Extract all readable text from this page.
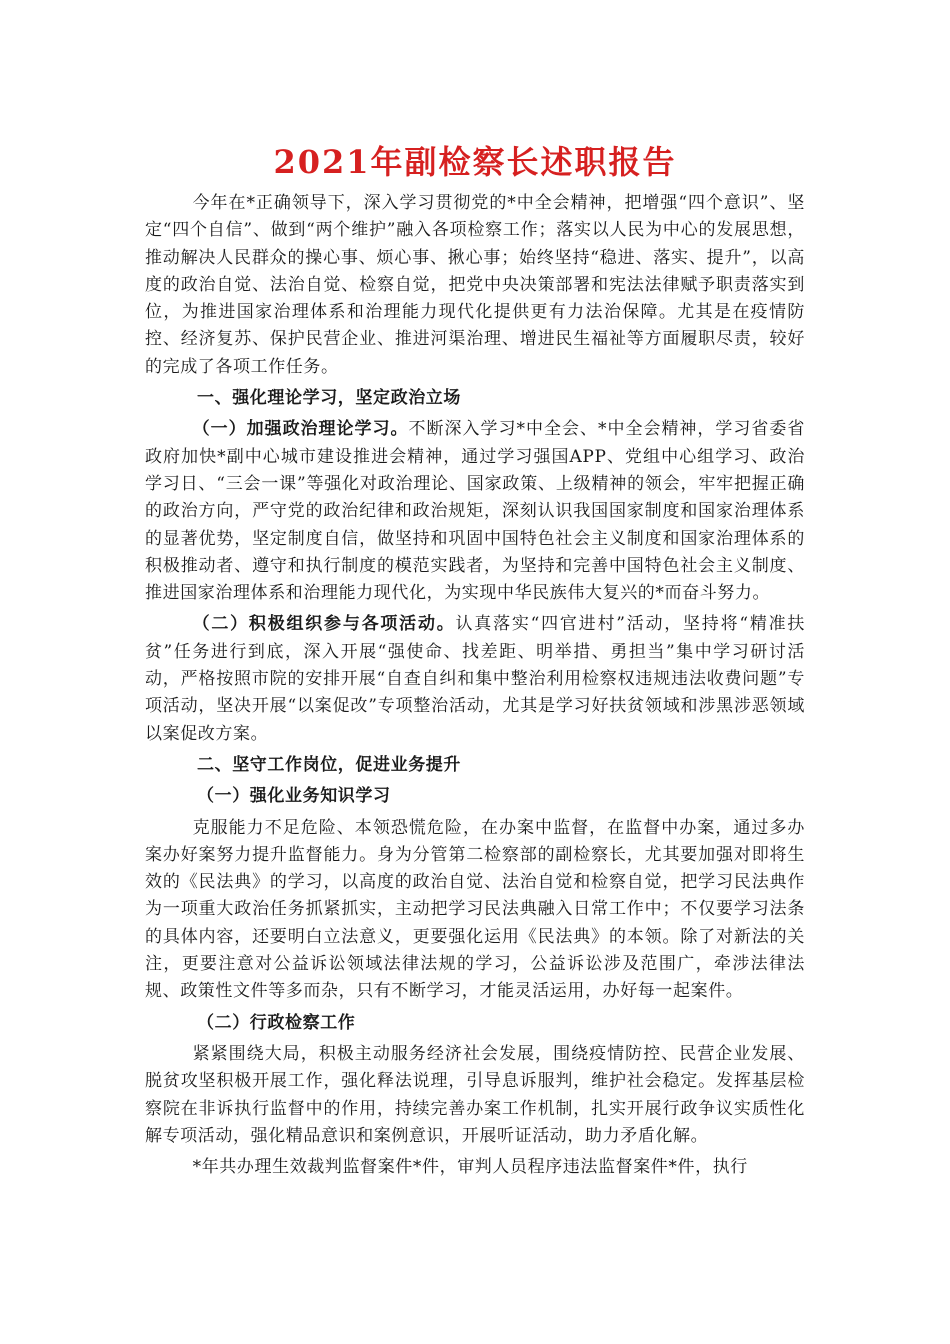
2021年副检察长述职报告

今年在*正确领导下，深入学习贯彻党的*中全会精神，把增强“四个意识”、坚定“四个自信”、做到“两个维护”融入各项检察工作；落实以人民为中心的发展思想，推动解决人民群众的操心事、烦心事、揪心事；始终坚持“稳进、落实、提升”，以高度的政治自觉、法治自觉、检察自觉，把党中央决策部署和宪法法律赋予职责落实到位，为推进国家治理体系和治理能力现代化提供更有力法治保障。尤其是在疫情防控、经济复苏、保护民营企业、推进河渠治理、增进民生福祉等方面履职尽责，较好的完成了各项工作任务。

一、强化理论学习，坚定政治立场

（一）加强政治理论学习。不断深入学习*中全会、*中全会精神，学习省委省政府加快*副中心城市建设推进会精神，通过学习强国APP、党组中心组学习、政治学习日、“三会一课”等强化对政治理论、国家政策、上级精神的领会，牢牢把握正确的政治方向，严守党的政治纪律和政治规矩，深刻认识我国国家制度和国家治理体系的显著优势，坚定制度自信，做坚持和巩固中国特色社会主义制度和国家治理体系的积极推动者、遵守和执行制度的模范实践者，为坚持和完善中国特色社会主义制度、推进国家治理体系和治理能力现代化，为实现中华民族伟大复兴的*而奋斗努力。

（二）积极组织参与各项活动。认真落实“四官进村”活动，坚持将“精准扶贫”任务进行到底，深入开展“强使命、找差距、明举措、勇担当”集中学习研讨活动，严格按照市院的安排开展“自查自纠和集中整治利用检察权违规违法收费问题”专项活动，坚决开展“以案促改”专项整治活动，尤其是学习好扶贫领域和涉黑涉恶领域以案促改方案。

二、坚守工作岗位，促进业务提升

（一）强化业务知识学习

克服能力不足危险、本领恐慌危险，在办案中监督，在监督中办案，通过多办案办好案努力提升监督能力。身为分管第二检察部的副检察长，尤其要加强对即将生效的《民法典》的学习，以高度的政治自觉、法治自觉和检察自觉，把学习民法典作为一项重大政治任务抓紧抓实，主动把学习民法典融入日常工作中；不仅要学习法条的具体内容，还要明白立法意义，更要强化运用《民法典》的本领。除了对新法的关注，更要注意对公益诉讼领域法律法规的学习，公益诉讼涉及范围广，牵涉法律法规、政策性文件等多而杂，只有不断学习，才能灵活运用，办好每一起案件。

（二）行政检察工作

紧紧围绕大局，积极主动服务经济社会发展，围绕疫情防控、民营企业发展、脱贫攻坚积极开展工作，强化释法说理，引导息诉服判，维护社会稳定。发挥基层检察院在非诉执行监督中的作用，持续完善办案工作机制，扎实开展行政争议实质性化解专项活动，强化精品意识和案例意识，开展听证活动，助力矛盾化解。

*年共办理生效裁判监督案件*件，审判人员程序违法监督案件*件，执行
